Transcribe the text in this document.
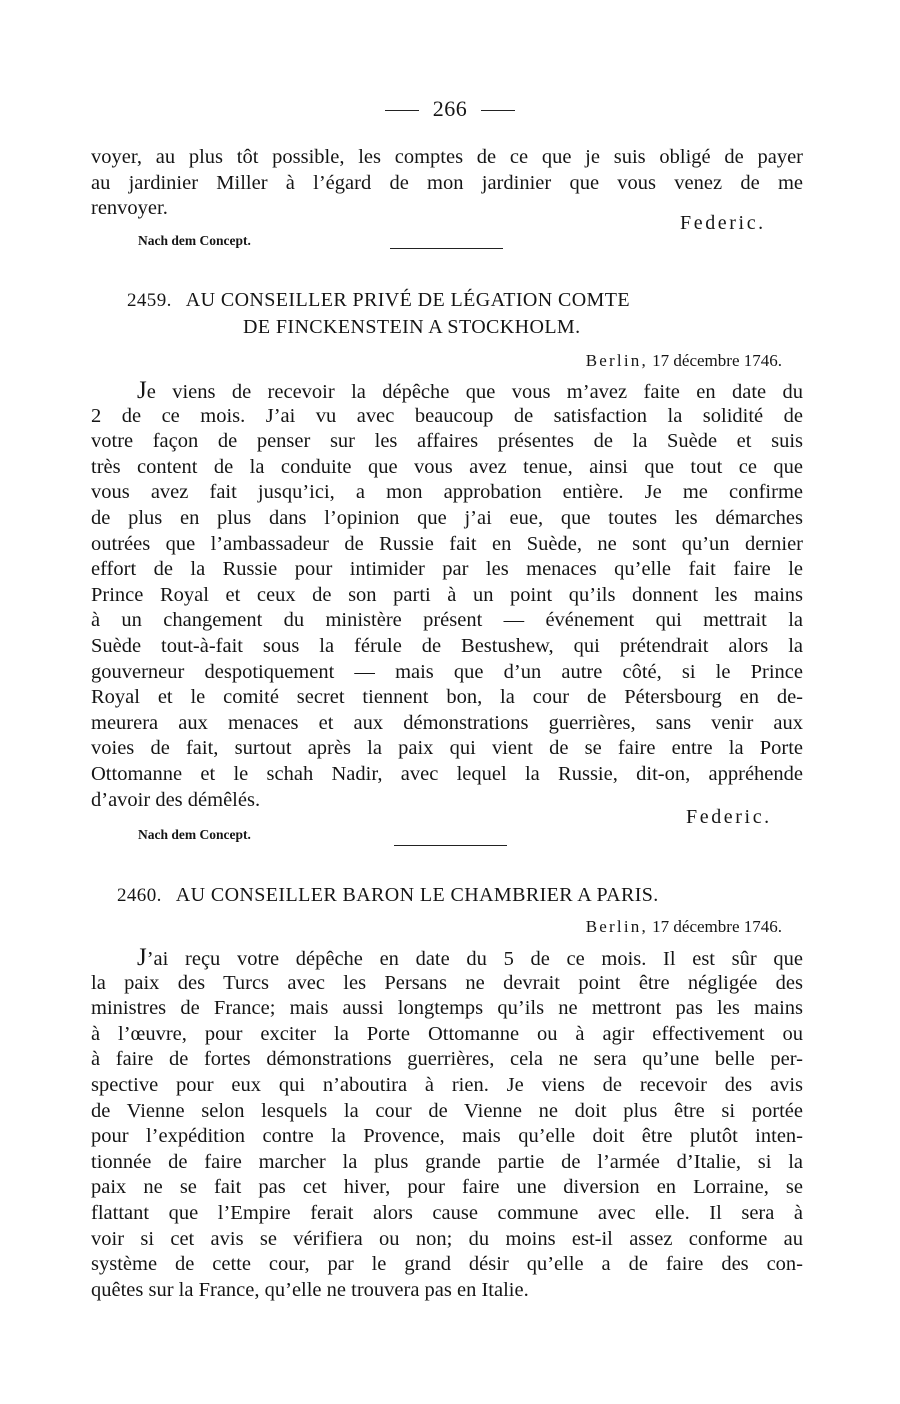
266
voyer, au plus tôt possible, les comptes de ce que je suis obligé de payer
au jardinier Miller à l’égard de mon jardinier que vous venez de me
renvoyer.
Federic.
Nach dem Concept.
2459. AU CONSEILLER PRIVÉ DE LÉGATION COMTE
DE FINCKENSTEIN A STOCKHOLM.
Berlin, 17 décembre 1746.
Je viens de recevoir la dépêche que vous m’avez faite en date du
2 de ce mois. J’ai vu avec beaucoup de satisfaction la solidité de
votre façon de penser sur les affaires présentes de la Suède et suis
très content de la conduite que vous avez tenue, ainsi que tout ce que
vous avez fait jusqu’ici, a mon approbation entière. Je me confirme
de plus en plus dans l’opinion que j’ai eue, que toutes les démarches
outrées que l’ambassadeur de Russie fait en Suède, ne sont qu’un dernier
effort de la Russie pour intimider par les menaces qu’elle fait faire le
Prince Royal et ceux de son parti à un point qu’ils donnent les mains
à un changement du ministère présent — événement qui mettrait la
Suède tout-à-fait sous la férule de Bestushew, qui prétendrait alors la
gouverneur despotiquement — mais que d’un autre côté, si le Prince
Royal et le comité secret tiennent bon, la cour de Pétersbourg en de-
meurera aux menaces et aux démonstrations guerrières, sans venir aux
voies de fait, surtout après la paix qui vient de se faire entre la Porte
Ottomanne et le schah Nadir, avec lequel la Russie, dit-on, appréhende
d’avoir des démêlés.
Federic.
Nach dem Concept.
2460. AU CONSEILLER BARON LE CHAMBRIER A PARIS.
Berlin, 17 décembre 1746.
J’ai reçu votre dépêche en date du 5 de ce mois. Il est sûr que
la paix des Turcs avec les Persans ne devrait point être négligée des
ministres de France; mais aussi longtemps qu’ils ne mettront pas les mains
à l’œuvre, pour exciter la Porte Ottomanne ou à agir effectivement ou
à faire de fortes démonstrations guerrières, cela ne sera qu’une belle per-
spective pour eux qui n’aboutira à rien. Je viens de recevoir des avis
de Vienne selon lesquels la cour de Vienne ne doit plus être si portée
pour l’expédition contre la Provence, mais qu’elle doit être plutôt inten-
tionnée de faire marcher la plus grande partie de l’armée d’Italie, si la
paix ne se fait pas cet hiver, pour faire une diversion en Lorraine, se
flattant que l’Empire ferait alors cause commune avec elle. Il sera à
voir si cet avis se vérifiera ou non; du moins est-il assez conforme au
système de cette cour, par le grand désir qu’elle a de faire des con-
quêtes sur la France, qu’elle ne trouvera pas en Italie.
